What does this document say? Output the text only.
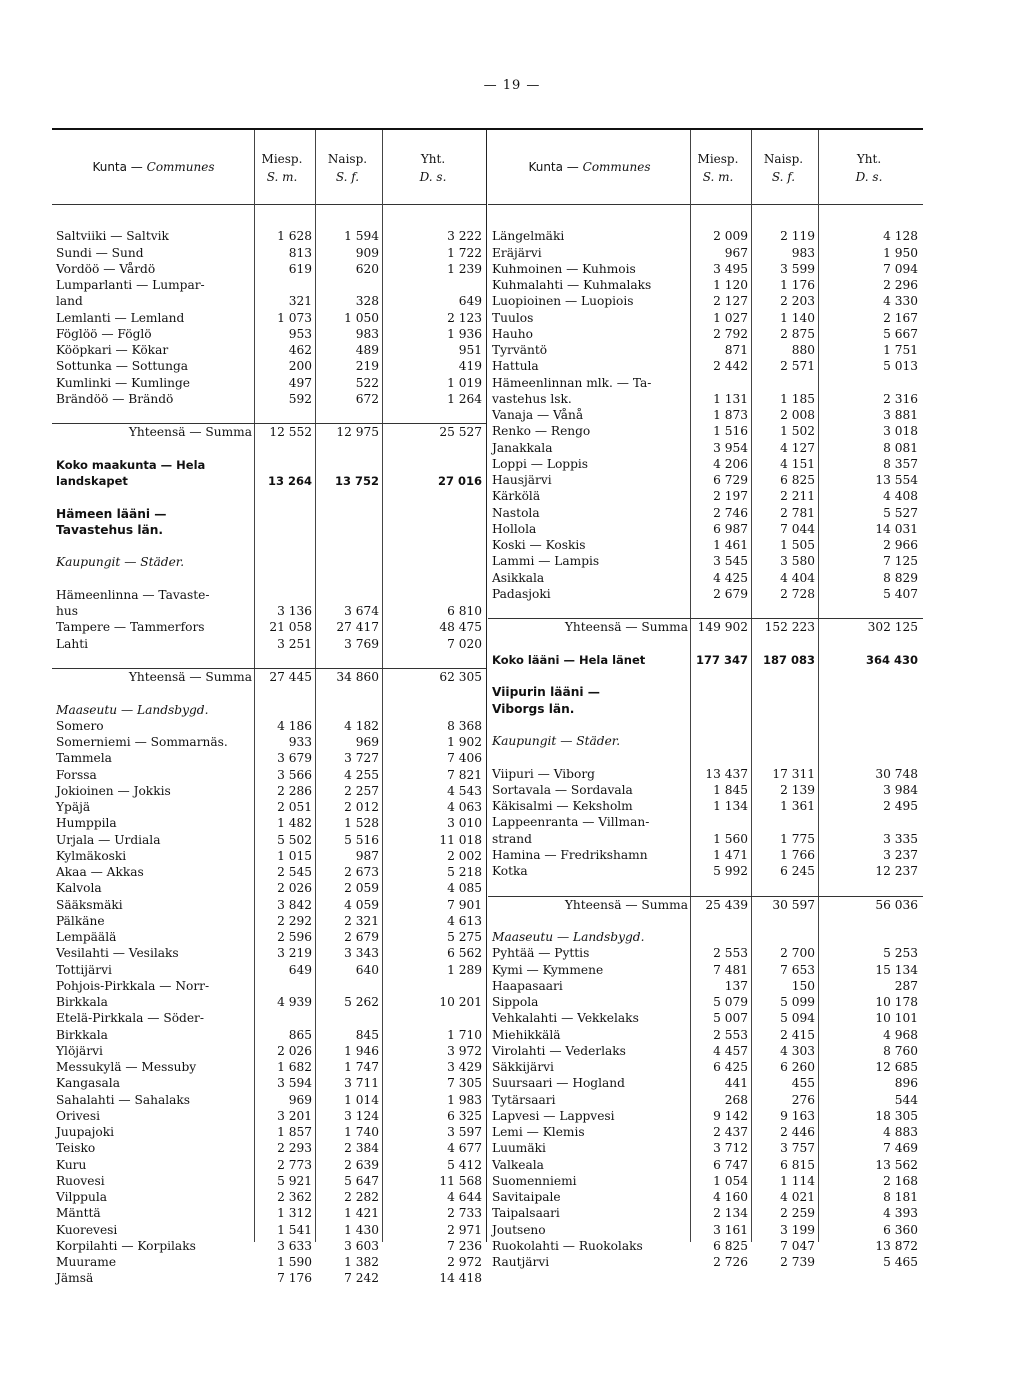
— 19 —
Kunta — Communes
Miesp.
S. m.
Naisp.
S. f.
Yht.
D. s.
Saltviiki — Saltvik	1 628	1 594	3 222
Sundi — Sund	813	909	1 722
Vordöö — Vårdö	619	620	1 239
Lumparlanti — Lumpar-
land	321	328	649
Lemlanti — Lemland	1 073	1 050	2 123
Föglöö — Föglö	953	983	1 936
Kööpkari — Kökar	462	489	951
Sottunka — Sottunga	200	219	419
Kumlinki — Kumlinge	497	522	1 019
Brändöö — Brändö	592	672	1 264
Yhteensä — Summa	12 552	12 975	25 527
Koko maakunta — Hela
landskapet	13 264	13 752	27 016
Hämeen lääni —
Tavastehus län.
Kaupungit — Städer.
Hämeenlinna — Tavaste-
hus	3 136	3 674	6 810
Tampere — Tammerfors	21 058	27 417	48 475
Lahti	3 251	3 769	7 020
Yhteensä — Summa	27 445	34 860	62 305
Maaseutu — Landsbygd.
Somero	4 186	4 182	8 368
Somerniemi — Sommarnäs.	933	969	1 902
Tammela	3 679	3 727	7 406
Forssa	3 566	4 255	7 821
Jokioinen — Jokkis	2 286	2 257	4 543
Ypäjä	2 051	2 012	4 063
Humppila	1 482	1 528	3 010
Urjala — Urdiala	5 502	5 516	11 018
Kylmäkoski	1 015	987	2 002
Akaa — Akkas	2 545	2 673	5 218
Kalvola	2 026	2 059	4 085
Sääksmäki	3 842	4 059	7 901
Pälkäne	2 292	2 321	4 613
Lempäälä	2 596	2 679	5 275
Vesilahti — Vesilaks	3 219	3 343	6 562
Tottijärvi	649	640	1 289
Pohjois-Pirkkala — Norr-
Birkkala	4 939	5 262	10 201
Etelä-Pirkkala — Söder-
Birkkala	865	845	1 710
Ylöjärvi	2 026	1 946	3 972
Messukylä — Messuby	1 682	1 747	3 429
Kangasala	3 594	3 711	7 305
Sahalahti — Sahalaks	969	1 014	1 983
Orivesi	3 201	3 124	6 325
Juupajoki	1 857	1 740	3 597
Teisko	2 293	2 384	4 677
Kuru	2 773	2 639	5 412
Ruovesi	5 921	5 647	11 568
Vilppula	2 362	2 282	4 644
Mänttä	1 312	1 421	2 733
Kuorevesi	1 541	1 430	2 971
Korpilahti — Korpilaks	3 633	3 603	7 236
Muurame	1 590	1 382	2 972
Jämsä	7 176	7 242	14 418
Kunta — Communes
Miesp.
S. m.
Naisp.
S. f.
Yht.
D. s.
Längelmäki	2 009	2 119	4 128
Eräjärvi	967	983	1 950
Kuhmoinen — Kuhmois	3 495	3 599	7 094
Kuhmalahti — Kuhmalaks	1 120	1 176	2 296
Luopioinen — Luopiois	2 127	2 203	4 330
Tuulos	1 027	1 140	2 167
Hauho	2 792	2 875	5 667
Tyrväntö	871	880	1 751
Hattula	2 442	2 571	5 013
Hämeenlinnan mlk. — Ta-
vastehus lsk.	1 131	1 185	2 316
Vanaja — Vånå	1 873	2 008	3 881
Renko — Rengo	1 516	1 502	3 018
Janakkala	3 954	4 127	8 081
Loppi — Loppis	4 206	4 151	8 357
Hausjärvi	6 729	6 825	13 554
Kärkölä	2 197	2 211	4 408
Nastola	2 746	2 781	5 527
Hollola	6 987	7 044	14 031
Koski — Koskis	1 461	1 505	2 966
Lammi — Lampis	3 545	3 580	7 125
Asikkala	4 425	4 404	8 829
Padasjoki	2 679	2 728	5 407
Yhteensä — Summa 149 902	152 223	302 125
Koko lääni — Hela länet	177 347	187 083	364 430
Viipurin lääni —
Viborgs län.
Kaupungit — Städer.
Viipuri — Viborg	13 437	17 311	30 748
Sortavala — Sordavala	1 845	2 139	3 984
Käkisalmi — Keksholm	1 134	1 361	2 495
Lappeenranta — Villman-
strand	1 560	1 775	3 335
Hamina — Fredrikshamn	1 471	1 766	3 237
Kotka	5 992	6 245	12 237
Yhteensä — Summa	25 439	30 597	56 036
Maaseutu — Landsbygd.
Pyhtää — Pyttis	2 553	2 700	5 253
Kymi — Kymmene	7 481	7 653	15 134
Haapasaari	137	150	287
Sippola	5 079	5 099	10 178
Vehkalahti — Vekkelaks	5 007	5 094	10 101
Miehikkälä	2 553	2 415	4 968
Virolahti — Vederlaks	4 457	4 303	8 760
Säkkijärvi	6 425	6 260	12 685
Suursaari — Hogland	441	455	896
Tytärsaari	268	276	544
Lapvesi — Lappvesi	9 142	9 163	18 305
Lemi — Klemis	2 437	2 446	4 883
Luumäki	3 712	3 757	7 469
Valkeala	6 747	6 815	13 562
Suomenniemi	1 054	1 114	2 168
Savitaipale	4 160	4 021	8 181
Taipalsaari	2 134	2 259	4 393
Joutseno	3 161	3 199	6 360
Ruokolahti — Ruokolaks	6 825	7 047	13 872
Rautjärvi	2 726	2 739	5 465
